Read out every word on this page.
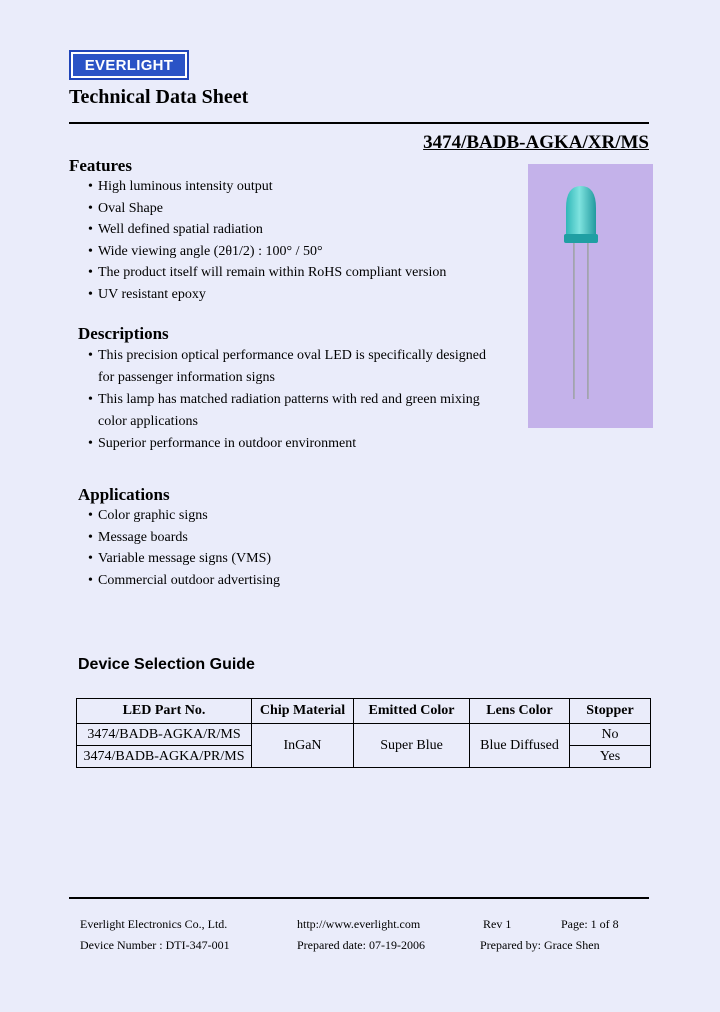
EVERLIGHT
Technical Data Sheet
3474/BADB-AGKA/XR/MS
Features
• High luminous intensity output
• Oval Shape
• Well defined spatial radiation
• Wide viewing angle (2θ1/2) : 100° / 50°
• The product itself will remain within RoHS compliant version
• UV resistant epoxy
Descriptions
• This precision optical performance oval LED is specifically designed for passenger information signs
• This lamp has matched radiation patterns with red and green mixing color applications
• Superior performance in outdoor environment
Applications
• Color graphic signs
• Message boards
• Variable message signs (VMS)
• Commercial outdoor advertising
Device Selection Guide
LED Part No.	Chip Material	Emitted Color	Lens Color	Stopper
3474/BADB-AGKA/R/MS	InGaN	Super Blue	Blue Diffused	No
3474/BADB-AGKA/PR/MS				Yes
Everlight Electronics Co., Ltd.	http://www.everlight.com	Rev 1	Page: 1 of 8
Device Number : DTI-347-001	Prepared date: 07-19-2006	Prepared by: Grace Shen
